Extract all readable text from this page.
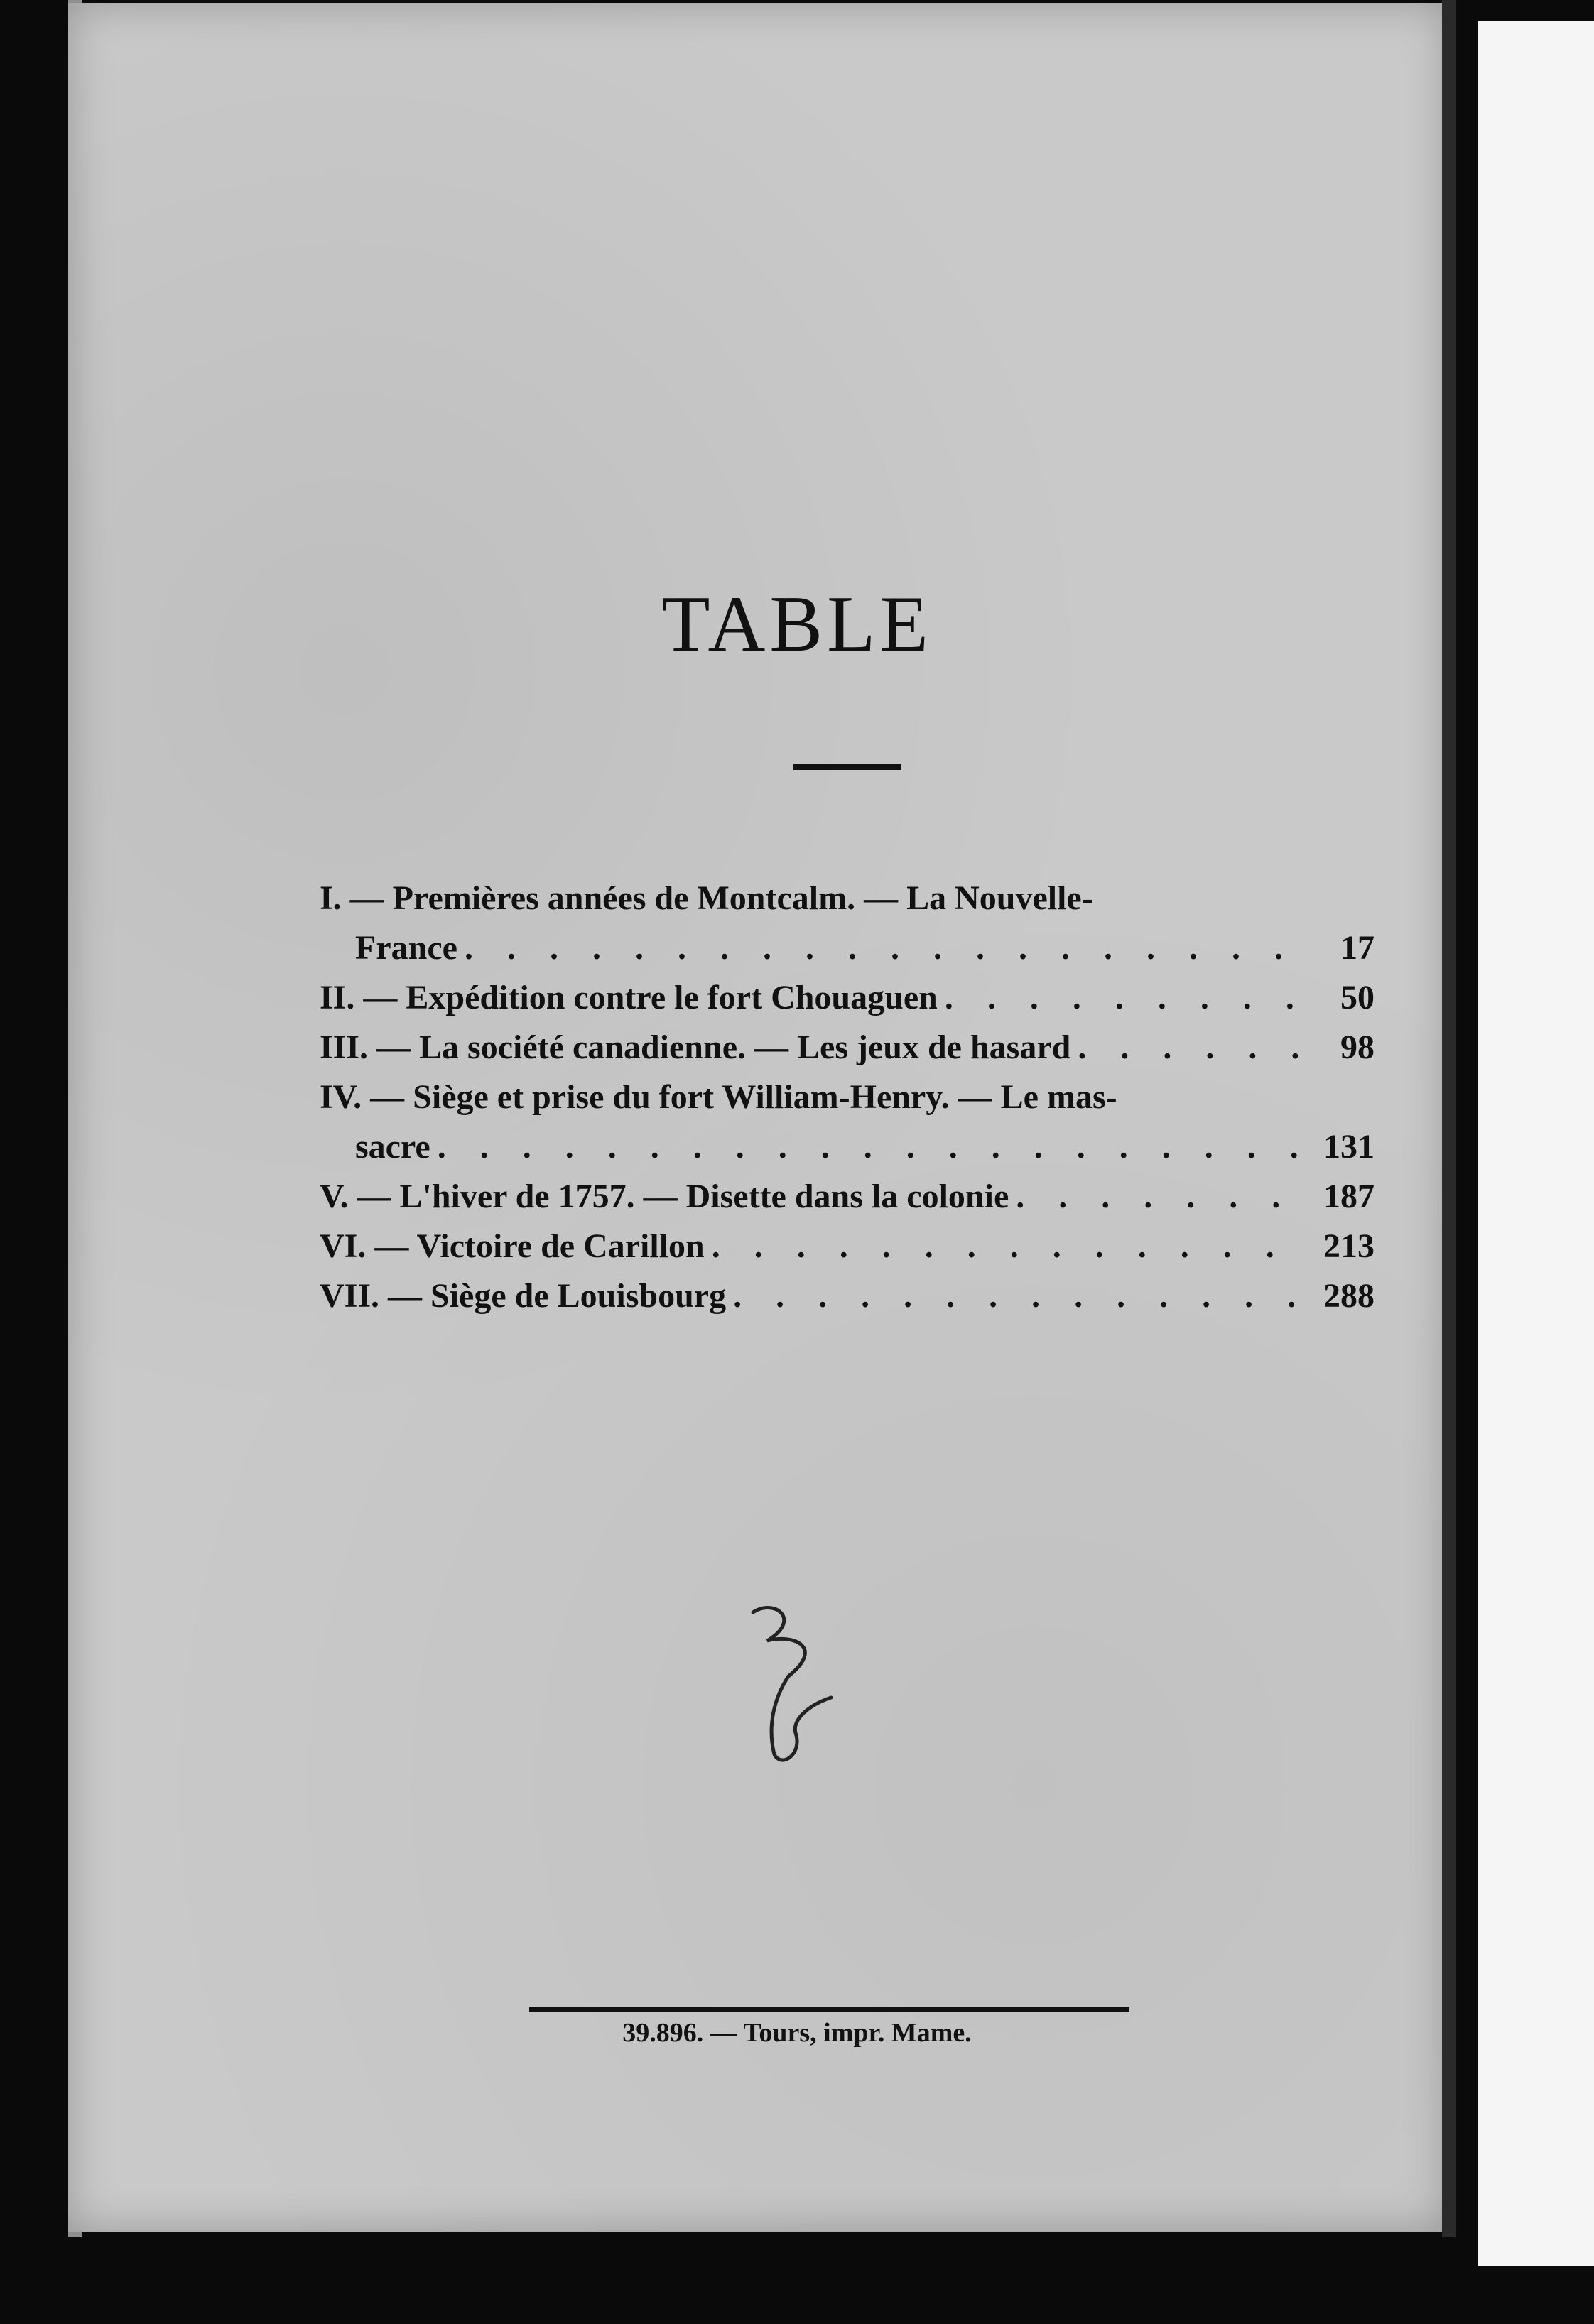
TABLE
I. — Premières années de Montcalm. — La Nouvelle-
France . . .	17
II. — Expédition contre le fort Chouaguen . . .	50
III. — La société canadienne. — Les jeux de hasard . . .	98
IV. — Siège et prise du fort William-Henry. — Le mas-
sacre . . .	131
V. — L'hiver de 1757. — Disette dans la colonie . . .	187
VI. — Victoire de Carillon . . .	213
VII. — Siège de Louisbourg . . .	288
39.896. — Tours, impr. Mame.
